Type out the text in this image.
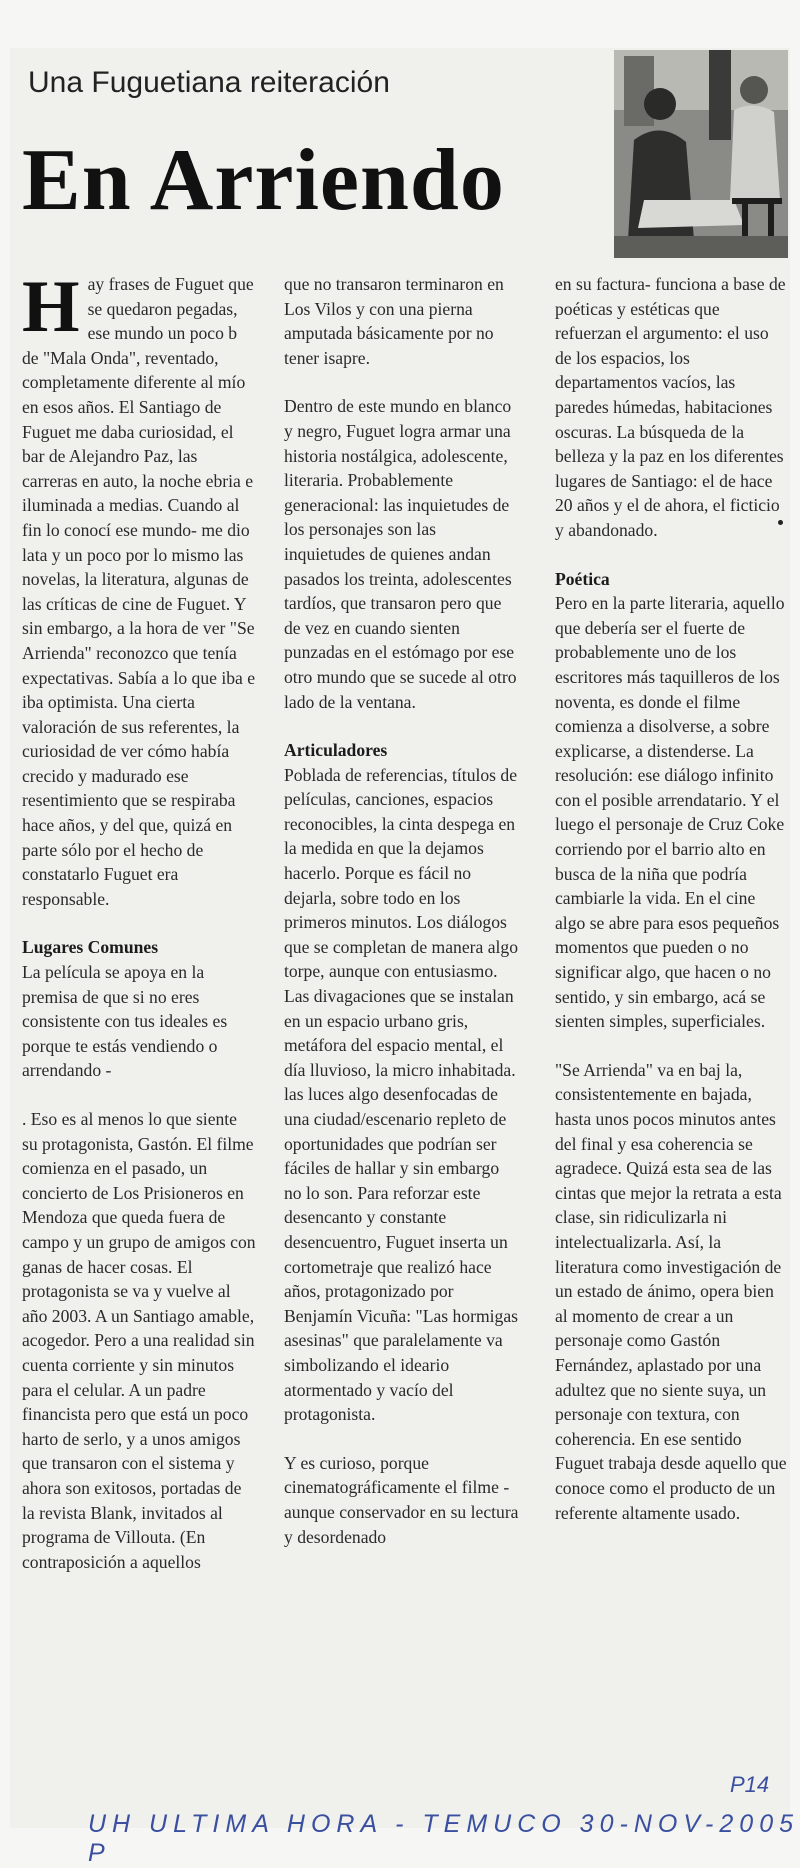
Una Fuguetiana reiteración
En Arriendo

Hay frases de Fuguet que se quedaron pegadas, ese mundo un poco b de "Mala Onda", reventado, completamente diferente al mío en esos años. El Santiago de Fuguet me daba curiosidad, el bar de Alejandro Paz, las carreras en auto, la noche ebria e iluminada a medias. Cuando al fin lo conocí ese mundo- me dio lata y un poco por lo mismo las novelas, la literatura, algunas de las críticas de cine de Fuguet. Y sin embargo, a la hora de ver "Se Arrienda" reconozco que tenía expectativas. Sabía a lo que iba e iba optimista. Una cierta valoración de sus referentes, la curiosidad de ver cómo había crecido y madurado ese resentimiento que se respiraba hace años, y del que, quizá en parte sólo por el hecho de constatarlo Fuguet era responsable.

Lugares Comunes

La película se apoya en la premisa de que si no eres consistente con tus ideales es porque te estás vendiendo o arrendando -

. Eso es al menos lo que siente su protagonista, Gastón. El filme comienza en el pasado, un concierto de Los Prisioneros en Mendoza que queda fuera de campo y un grupo de amigos con ganas de hacer cosas. El protagonista se va y vuelve al año 2003. A un Santiago amable, acogedor. Pero a una realidad sin cuenta corriente y sin minutos para el celular. A un padre financista pero que está un poco harto de serlo, y a unos amigos que transaron con el sistema y ahora son exitosos, portadas de la revista Blank, invitados al programa de Villouta. (En contraposición a aquellos

que no transaron terminaron en Los Vilos y con una pierna amputada básicamente por no tener isapre.

Dentro de este mundo en blanco y negro, Fuguet logra armar una historia nostálgica, adolescente, literaria. Probablemente generacional: las inquietudes de los personajes son las inquietudes de quienes andan pasados los treinta, adolescentes tardíos, que transaron pero que de vez en cuando sienten punzadas en el estómago por ese otro mundo que se sucede al otro lado de la ventana.

Articuladores

Poblada de referencias, títulos de películas, canciones, espacios reconocibles, la cinta despega en la medida en que la dejamos hacerlo. Porque es fácil no dejarla, sobre todo en los primeros minutos. Los diálogos que se completan de manera algo torpe, aunque con entusiasmo. Las divagaciones que se instalan en un espacio urbano gris, metáfora del espacio mental, el día lluvioso, la micro inhabitada. las luces algo desenfocadas de una ciudad/escenario repleto de oportunidades que podrían ser fáciles de hallar y sin embargo no lo son. Para reforzar este desencanto y constante desencuentro, Fuguet inserta un cortometraje que realizó hace años, protagonizado por Benjamín Vicuña: "Las hormigas asesinas" que paralelamente va simbolizando el ideario atormentado y vacío del protagonista.

Y es curioso, porque cinematográficamente el filme -aunque conservador en su lectura y desordenado

en su factura- funciona a base de poéticas y estéticas que refuerzan el argumento: el uso de los espacios, los departamentos vacíos, las paredes húmedas, habitaciones oscuras. La búsqueda de la belleza y la paz en los diferentes lugares de Santiago: el de hace 20 años y el de ahora, el ficticio y abandonado.

Poética

Pero en la parte literaria, aquello que debería ser el fuerte de probablemente uno de los escritores más taquilleros de los noventa, es donde el filme comienza a disolverse, a sobre explicarse, a distenderse. La resolución: ese diálogo infinito con el posible arrendatario. Y el luego el personaje de Cruz Coke corriendo por el barrio alto en busca de la niña que podría cambiarle la vida. En el cine algo se abre para esos pequeños momentos que pueden o no significar algo, que hacen o no sentido, y sin embargo, acá se sienten simples, superficiales.

"Se Arrienda" va en baj la, consistentemente en bajada, hasta unos pocos minutos antes del final y esa coherencia se agradece. Quizá esta sea de las cintas que mejor la retrata a esta clase, sin ridiculizarla ni intelectualizarla. Así, la literatura como investigación de un estado de ánimo, opera bien al momento de crear a un personaje como Gastón Fernández, aplastado por una adultez que no siente suya, un personaje con textura, con coherencia. En ese sentido Fuguet trabaja desde aquello que conoce como el producto de un referente altamente usado.

P14
UH ULTIMA HORA - TEMUCO 30-NOV-2005 P
